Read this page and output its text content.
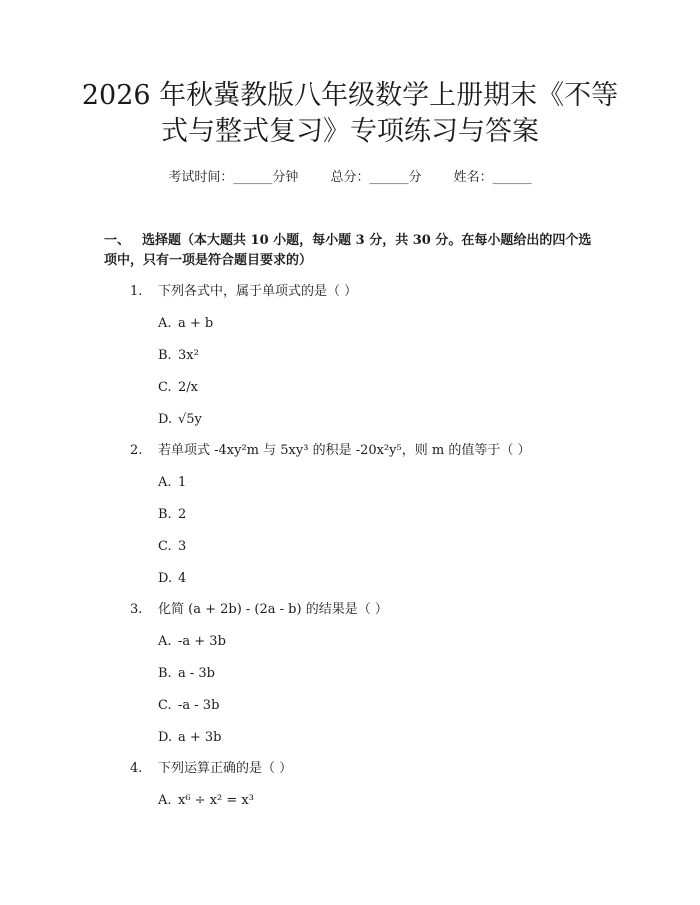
2026 年秋冀教版八年级数学上册期末《不等
式与整式复习》专项练习与答案
考试时间：______分钟 总分：______分 姓名：______
一、 选择题（本大题共 10 小题，每小题 3 分，共 30 分。在每小题给出的四个选项中，只有一项是符合题目要求的）
1. 下列各式中，属于单项式的是（ ）
A. a + b
B. 3x²
C. 2/x
D. √5y
2. 若单项式 -4xy²m 与 5xy³ 的积是 -20x²y⁵，则 m 的值等于（ ）
A. 1
B. 2
C. 3
D. 4
3. 化简 (a + 2b) - (2a - b) 的结果是（ ）
A. -a + 3b
B. a - 3b
C. -a - 3b
D. a + 3b
4. 下列运算正确的是（ ）
A. x⁶ ÷ x² = x³
